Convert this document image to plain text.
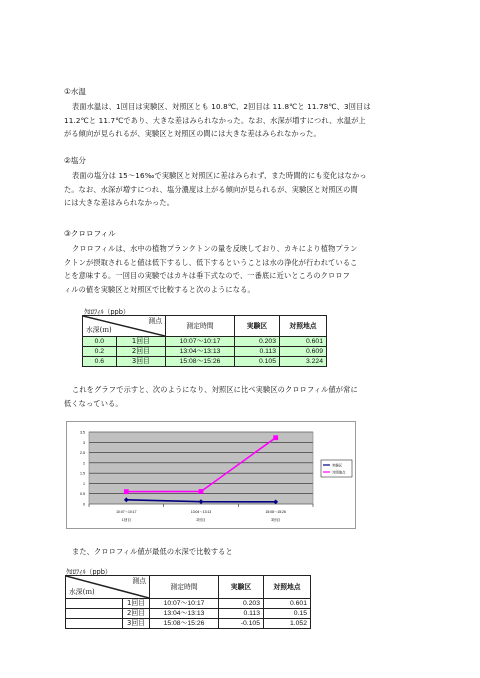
①水温
表面水温は、1回目は実験区、対照区とも 10.8℃、2回目は 11.8℃と 11.78℃、3回目は
11.2℃と 11.7℃であり、大きな差はみられなかった。なお、水深が増すにつれ、水温が上
がる傾向が見られるが、実験区と対照区の間には大きな差はみられなかった。
②塩分
表面の塩分は 15～16‰で実験区と対照区に差はみられず、また時間的にも変化はなかっ
た。なお、水深が増すにつれ、塩分濃度は上がる傾向が見られるが、実験区と対照区の間
には大きな差はみられなかった。
③クロロフィル
クロロフィルは、水中の植物プランクトンの量を反映しており、カキにより植物プラン
クトンが摂取されると値は低下するし、低下するということは水の浄化が行われているこ
とを意味する。一回目の実験ではカキは垂下式なので、一番底に近いところのクロロフ
ィルの値を実験区と対照区で比較すると次のようになる。
ｸﾛﾛﾌｨﾙ（ppb）
測点
水深(ｍ)		測定時間	実験区	対照地点
0.0	1回目	10:07～10:17	0.203	0.601
0.2	2回目	13:04～13:13	0.113	0.609
0.6	3回目	15:08～15:26	0.105	3.224
これをグラフで示すと、次のようになり、対照区に比べ実験区のクロロフィル値が常に
低くなっている。
3.5
3
2.5
2
1.5
1
0.5
0
10:07～10:17
1回目
13:04～13:13
2回目
15:08～15:26
3回目
実験区
対照地点
また、クロロフィル値が最低の水深で比較すると
ｸﾛﾛﾌｨﾙ（ppb）
測点
水深(ｍ)		測定時間	実験区	対照地点
	1回目	10:07～10:17	0.203	0.601
	2回目	13:04～13:13	0.113	0.15
	3回目	15:08～15:26	-0.105	1.052
